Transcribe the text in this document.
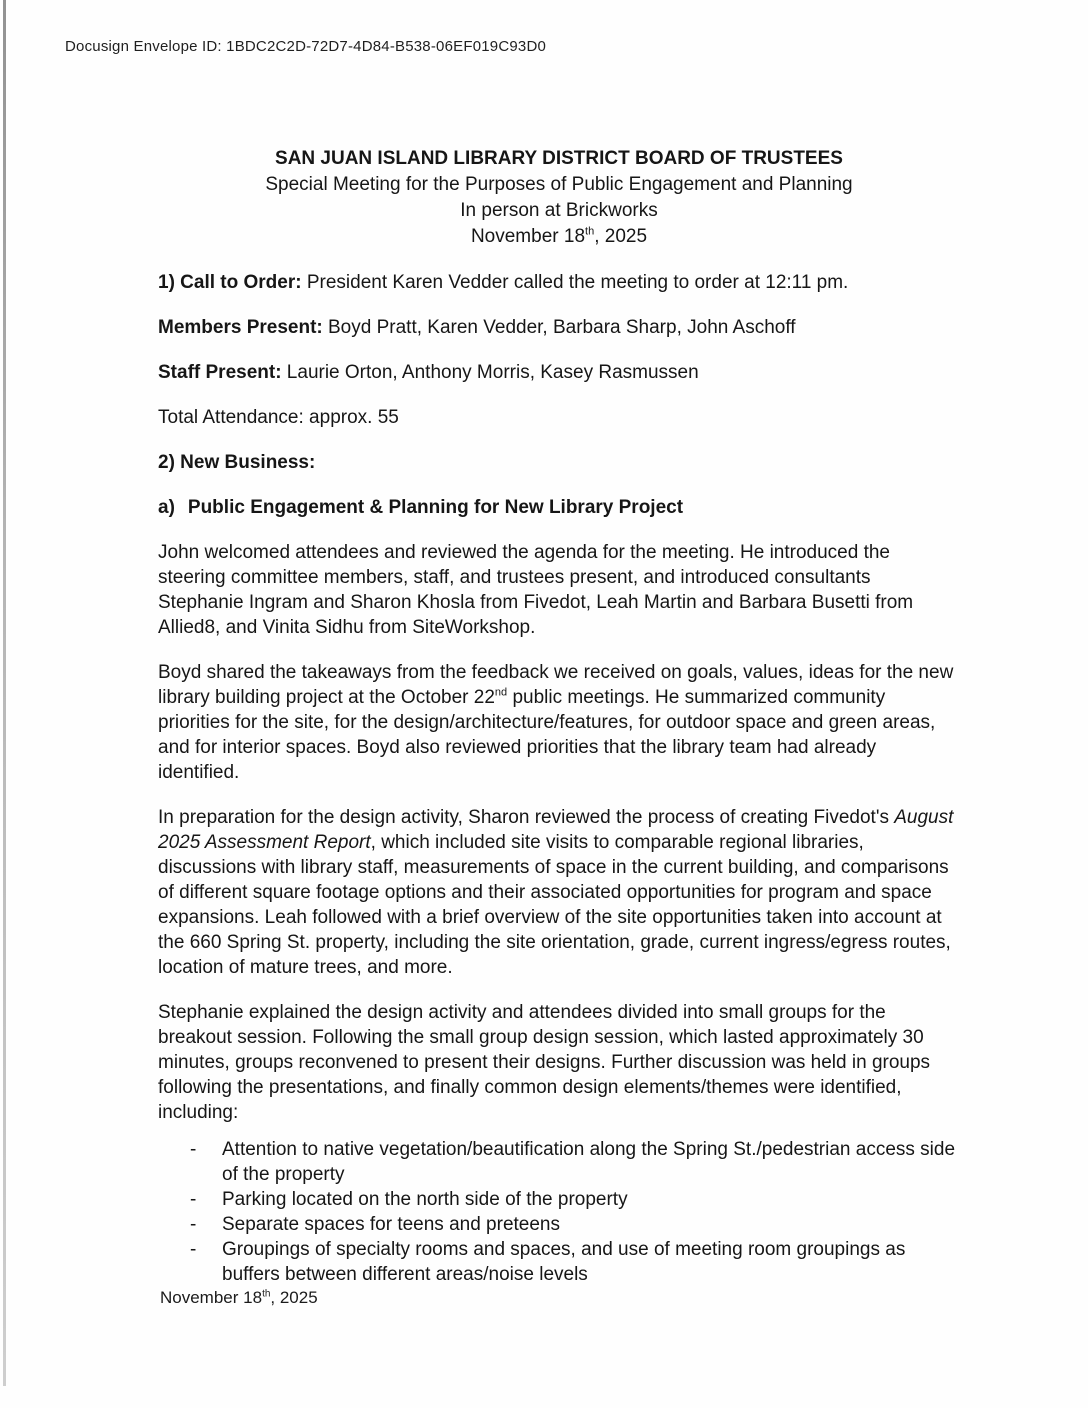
Docusign Envelope ID: 1BDC2C2D-72D7-4D84-B538-06EF019C93D0
SAN JUAN ISLAND LIBRARY DISTRICT BOARD OF TRUSTEES
Special Meeting for the Purposes of Public Engagement and Planning
In person at Brickworks
November 18th, 2025

1) Call to Order: President Karen Vedder called the meeting to order at 12:11 pm.

Members Present: Boyd Pratt, Karen Vedder, Barbara Sharp, John Aschoff

Staff Present: Laurie Orton, Anthony Morris, Kasey Rasmussen

Total Attendance: approx. 55

2) New Business:

a) Public Engagement & Planning for New Library Project

John welcomed attendees and reviewed the agenda for the meeting. He introduced the steering committee members, staff, and trustees present, and introduced consultants Stephanie Ingram and Sharon Khosla from Fivedot, Leah Martin and Barbara Busetti from Allied8, and Vinita Sidhu from SiteWorkshop.

Boyd shared the takeaways from the feedback we received on goals, values, ideas for the new library building project at the October 22nd public meetings. He summarized community priorities for the site, for the design/architecture/features, for outdoor space and green areas, and for interior spaces. Boyd also reviewed priorities that the library team had already identified.

In preparation for the design activity, Sharon reviewed the process of creating Fivedot's August 2025 Assessment Report, which included site visits to comparable regional libraries, discussions with library staff, measurements of space in the current building, and comparisons of different square footage options and their associated opportunities for program and space expansions. Leah followed with a brief overview of the site opportunities taken into account at the 660 Spring St. property, including the site orientation, grade, current ingress/egress routes, location of mature trees, and more.

Stephanie explained the design activity and attendees divided into small groups for the breakout session. Following the small group design session, which lasted approximately 30 minutes, groups reconvened to present their designs. Further discussion was held in groups following the presentations, and finally common design elements/themes were identified, including:

-	Attention to native vegetation/beautification along the Spring St./pedestrian access side of the property
-	Parking located on the north side of the property
-	Separate spaces for teens and preteens
-	Groupings of specialty rooms and spaces, and use of meeting room groupings as buffers between different areas/noise levels
November 18th, 2025
